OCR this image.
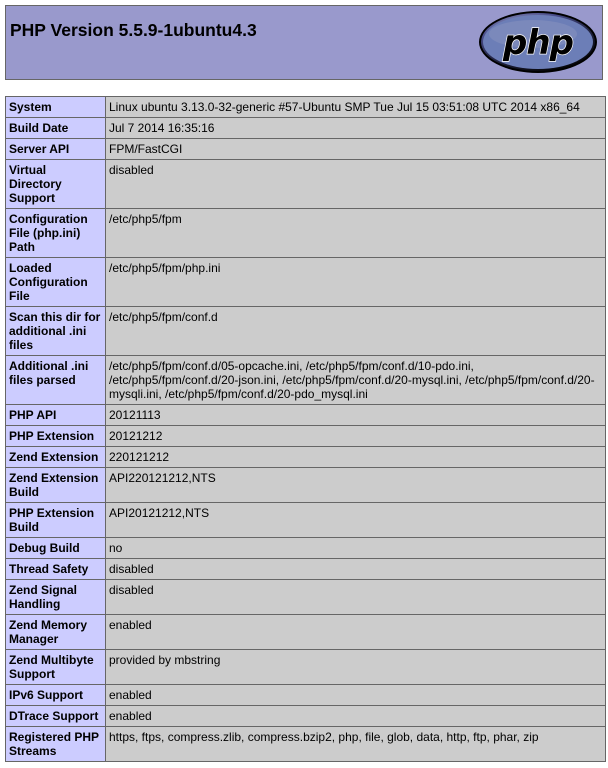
PHP Version 5.5.9-1ubuntu4.3	php
System	Linux ubuntu 3.13.0-32-generic #57-Ubuntu SMP Tue Jul 15 03:51:08 UTC 2014 x86_64
Build Date	Jul 7 2014 16:35:16
Server API	FPM/FastCGI
Virtual Directory Support	disabled
Configuration File (php.ini) Path	/etc/php5/fpm
Loaded Configuration File	/etc/php5/fpm/php.ini
Scan this dir for additional .ini files	/etc/php5/fpm/conf.d
Additional .ini files parsed	/etc/php5/fpm/conf.d/05-opcache.ini, /etc/php5/fpm/conf.d/10-pdo.ini, /etc/php5/fpm/conf.d/20-json.ini, /etc/php5/fpm/conf.d/20-mysql.ini, /etc/php5/fpm/conf.d/20-mysqli.ini, /etc/php5/fpm/conf.d/20-pdo_mysql.ini
PHP API	20121113
PHP Extension	20121212
Zend Extension	220121212
Zend Extension Build	API220121212,NTS
PHP Extension Build	API20121212,NTS
Debug Build	no
Thread Safety	disabled
Zend Signal Handling	disabled
Zend Memory Manager	enabled
Zend Multibyte Support	provided by mbstring
IPv6 Support	enabled
DTrace Support	enabled
Registered PHP Streams	https, ftps, compress.zlib, compress.bzip2, php, file, glob, data, http, ftp, phar, zip
